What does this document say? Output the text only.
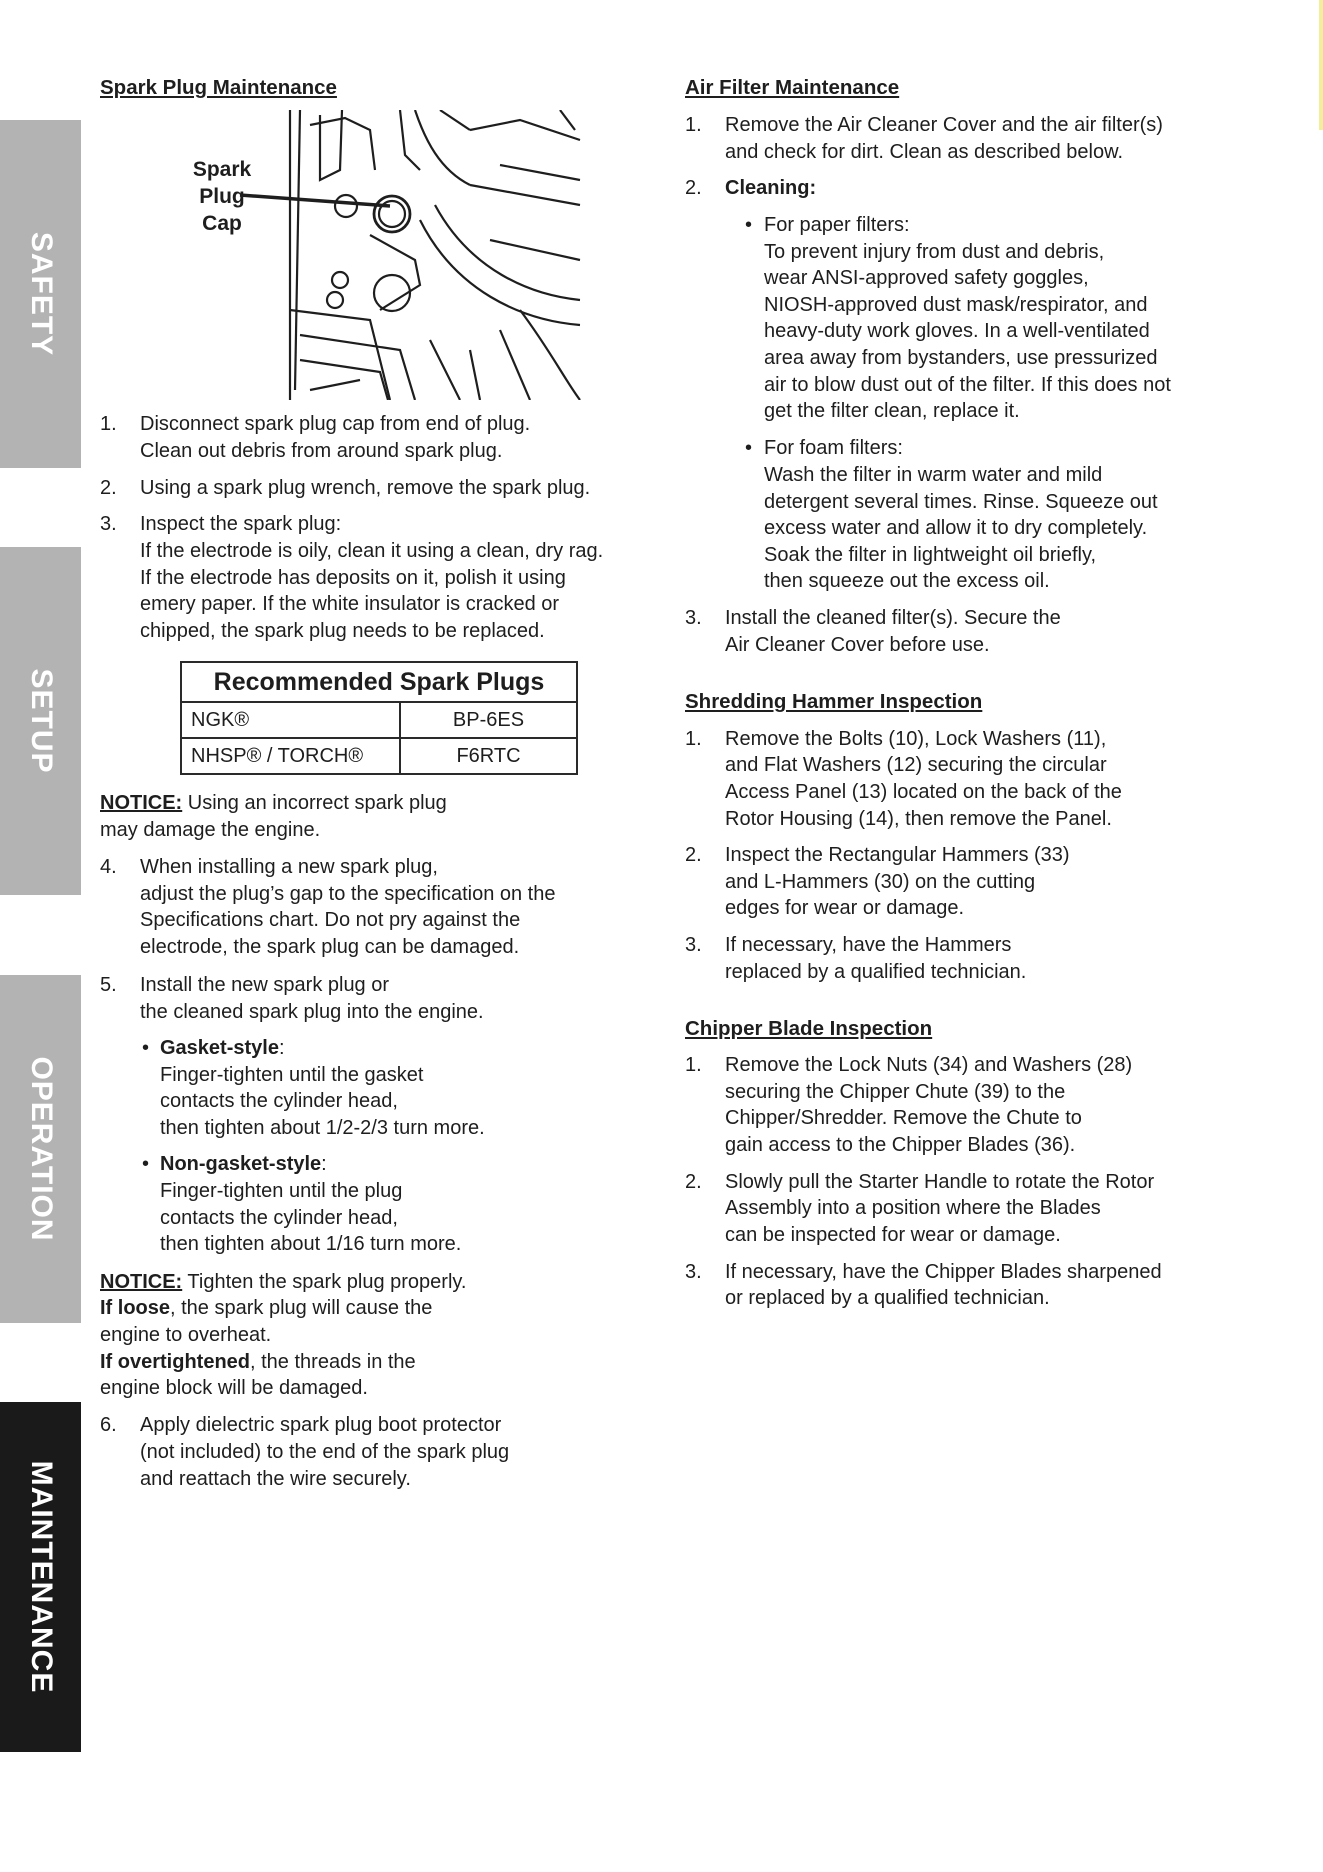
SAFETY
SETUP
OPERATION
MAINTENANCE
Spark Plug Maintenance
Spark
Plug
Cap
1. Disconnect spark plug cap from end of plug.
Clean out debris from around spark plug.
2. Using a spark plug wrench, remove the spark plug.
3. Inspect the spark plug:
If the electrode is oily, clean it using a clean, dry rag.
If the electrode has deposits on it, polish it using
emery paper. If the white insulator is cracked or
chipped, the spark plug needs to be replaced.
Recommended Spark Plugs	
NGK®	BP-6ES
NHSP® / TORCH®	F6RTC
NOTICE: Using an incorrect spark plug
may damage the engine.
4. When installing a new spark plug,
adjust the plug’s gap to the specification on the
Specifications chart. Do not pry against the
electrode, the spark plug can be damaged.
5. Install the new spark plug or
the cleaned spark plug into the engine.
• Gasket-style:
Finger-tighten until the gasket
contacts the cylinder head,
then tighten about 1/2-2/3 turn more.
• Non-gasket-style:
Finger-tighten until the plug
contacts the cylinder head,
then tighten about 1/16 turn more.
NOTICE: Tighten the spark plug properly.
If loose, the spark plug will cause the
engine to overheat.
If overtightened, the threads in the
engine block will be damaged.
6. Apply dielectric spark plug boot protector
(not included) to the end of the spark plug
and reattach the wire securely.
Air Filter Maintenance
1. Remove the Air Cleaner Cover and the air filter(s)
and check for dirt. Clean as described below.
2. Cleaning:
• For paper filters:
To prevent injury from dust and debris,
wear ANSI-approved safety goggles,
NIOSH-approved dust mask/respirator, and
heavy-duty work gloves. In a well-ventilated
area away from bystanders, use pressurized
air to blow dust out of the filter. If this does not
get the filter clean, replace it.
• For foam filters:
Wash the filter in warm water and mild
detergent several times. Rinse. Squeeze out
excess water and allow it to dry completely.
Soak the filter in lightweight oil briefly,
then squeeze out the excess oil.
3. Install the cleaned filter(s). Secure the
Air Cleaner Cover before use.
Shredding Hammer Inspection
1. Remove the Bolts (10), Lock Washers (11),
and Flat Washers (12) securing the circular
Access Panel (13) located on the back of the
Rotor Housing (14), then remove the Panel.
2. Inspect the Rectangular Hammers (33)
and L-Hammers (30) on the cutting
edges for wear or damage.
3. If necessary, have the Hammers
replaced by a qualified technician.
Chipper Blade Inspection
1. Remove the Lock Nuts (34) and Washers (28)
securing the Chipper Chute (39) to the
Chipper/Shredder. Remove the Chute to
gain access to the Chipper Blades (36).
2. Slowly pull the Starter Handle to rotate the Rotor
Assembly into a position where the Blades
can be inspected for wear or damage.
3. If necessary, have the Chipper Blades sharpened
or replaced by a qualified technician.
